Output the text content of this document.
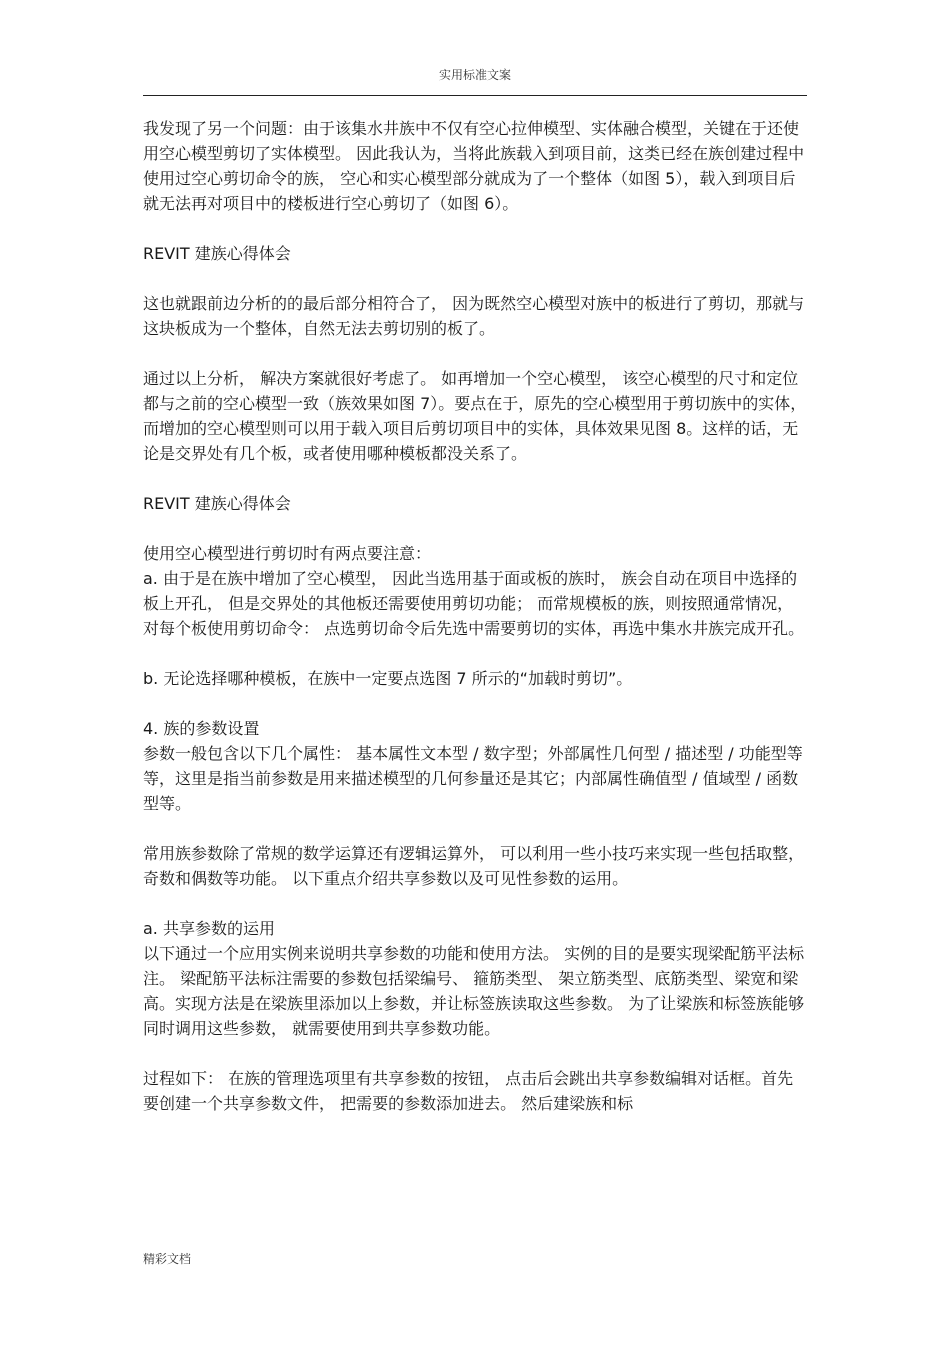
实用标准文案

我发现了另一个问题：由于该集水井族中不仅有空心拉伸模型、实体融合模型，关键在于还使用空心模型剪切了实体模型。 因此我认为，当将此族载入到项目前，这类已经在族创建过程中使用过空心剪切命令的族， 空心和实心模型部分就成为了一个整体（如图 5），载入到项目后就无法再对项目中的楼板进行空心剪切了（如图 6）。

REVIT 建族心得体会

这也就跟前边分析的的最后部分相符合了， 因为既然空心模型对族中的板进行了剪切，那就与这块板成为一个整体，自然无法去剪切别的板了。

通过以上分析， 解决方案就很好考虑了。 如再增加一个空心模型， 该空心模型的尺寸和定位都与之前的空心模型一致（族效果如图 7）。要点在于，原先的空心模型用于剪切族中的实体， 而增加的空心模型则可以用于载入项目后剪切项目中的实体，具体效果见图 8。这样的话，无论是交界处有几个板，或者使用哪种模板都没关系了。

REVIT 建族心得体会

使用空心模型进行剪切时有两点要注意：

a. 由于是在族中增加了空心模型， 因此当选用基于面或板的族时， 族会自动在项目中选择的板上开孔， 但是交界处的其他板还需要使用剪切功能； 而常规模板的族，则按照通常情况， 对每个板使用剪切命令： 点选剪切命令后先选中需要剪切的实体，再选中集水井族完成开孔。

b. 无论选择哪种模板，在族中一定要点选图 7 所示的“加载时剪切”。

4. 族的参数设置

参数一般包含以下几个属性： 基本属性文本型 / 数字型；外部属性几何型 / 描述型 / 功能型等等，这里是指当前参数是用来描述模型的几何参量还是其它；内部属性确值型 / 值域型 / 函数型等。

常用族参数除了常规的数学运算还有逻辑运算外， 可以利用一些小技巧来实现一些包括取整，奇数和偶数等功能。 以下重点介绍共享参数以及可见性参数的运用。

a. 共享参数的运用

以下通过一个应用实例来说明共享参数的功能和使用方法。 实例的目的是要实现梁配筋平法标注。 梁配筋平法标注需要的参数包括梁编号、 箍筋类型、 架立筋类型、底筋类型、梁宽和梁高。实现方法是在梁族里添加以上参数，并让标签族读取这些参数。 为了让梁族和标签族能够同时调用这些参数， 就需要使用到共享参数功能。

过程如下： 在族的管理选项里有共享参数的按钮， 点击后会跳出共享参数编辑对话框。首先要创建一个共享参数文件， 把需要的参数添加进去。 然后建梁族和标

精彩文档
